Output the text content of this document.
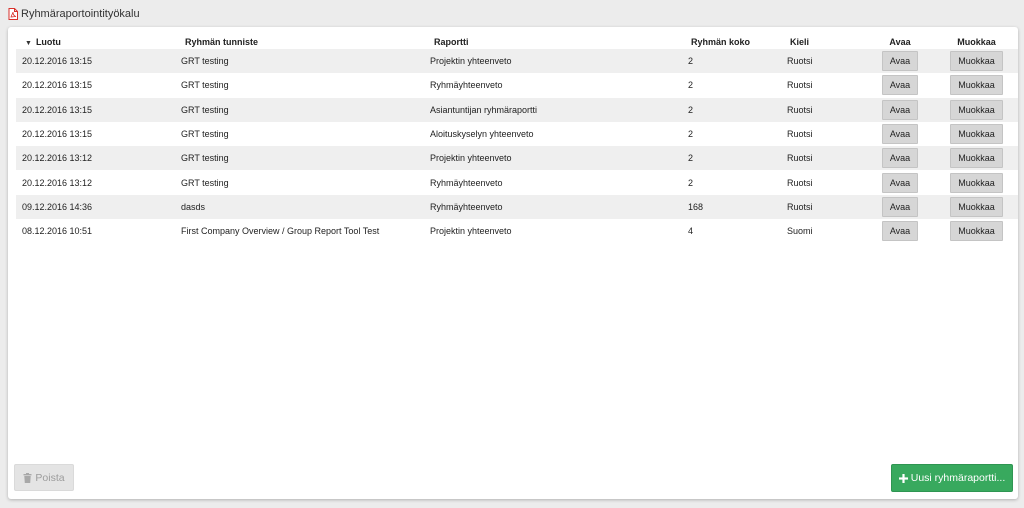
Ryhmäraportointityökalu
▼ Luotu	Ryhmän tunniste	Raportti	Ryhmän koko	Kieli	Avaa	Muokkaa
20.12.2016 13:15	GRT testing	Projektin yhteenveto	2	Ruotsi	Avaa	Muokkaa
20.12.2016 13:15	GRT testing	Ryhmäyhteenveto	2	Ruotsi	Avaa	Muokkaa
20.12.2016 13:15	GRT testing	Asiantuntijan ryhmäraportti	2	Ruotsi	Avaa	Muokkaa
20.12.2016 13:15	GRT testing	Aloituskyselyn yhteenveto	2	Ruotsi	Avaa	Muokkaa
20.12.2016 13:12	GRT testing	Projektin yhteenveto	2	Ruotsi	Avaa	Muokkaa
20.12.2016 13:12	GRT testing	Ryhmäyhteenveto	2	Ruotsi	Avaa	Muokkaa
09.12.2016 14:36	dasds	Ryhmäyhteenveto	168	Ruotsi	Avaa	Muokkaa
08.12.2016 10:51	First Company Overview / Group Report Tool Test	Projektin yhteenveto	4	Suomi	Avaa	Muokkaa
Poista	Uusi ryhmäraportti...
